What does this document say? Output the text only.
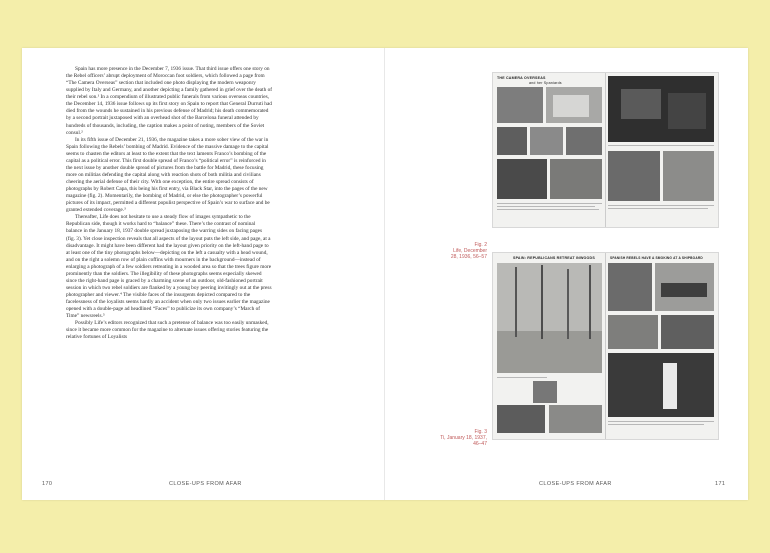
Spain has more presence in the December 7, 1936 issue. That third issue offers one story on the Rebel officers’ abrupt deployment of Moroccan foot soldiers, which followed a page from “The Camera Overseas” section that included one photo displaying the modern weaponry supplied by Italy and Germany, and another depicting a family gathered in grief over the death of their rebel son.¹ In a compendium of illustrated public funerals from various overseas countries, the December 14, 1936 issue follows up its first story on Spain to report that General Durruti had died from the wounds he sustained in his previous defense of Madrid; his death commemorated by a second portrait juxtaposed with an overhead shot of the Barcelona funeral attended by hundreds of thousands, including, the caption makes a point of noting, members of the Soviet consul.²

In its fifth issue of December 21, 1936, the magazine takes a more sober view of the war in Spain following the Rebels’ bombing of Madrid. Evidence of the massive damage to the capital seems to chasten the editors at least to the extent that the text laments Franco’s bombing of the capital as a political error. This first double spread of Franco’s “political error” is reinforced in the next issue by another double spread of pictures from the battle for Madrid, these focusing more on militias defending the capital along with reaction shots of both militia and civilians cheering the aerial defense of their city. With one exception, the entire spread consists of photographs by Robert Capa, this being his first entry, via Black Star, into the pages of the new magazine (fig. 2). Momentarily, the bombing of Madrid, or else the photographer’s powerful pictures of its impact, permitted a different populist perspective of Spain’s war to surface and be granted extended coverage.³

Thereafter, Life does not hesitate to use a steady flow of images sympathetic to the Republican side, though it works hard to “balance” these. There’s the contrast of nominal balance in the January 18, 1937 double spread juxtaposing the warring sides on facing pages (fig. 3). Yet close inspection reveals that all aspects of the layout puts the left side, and page, at a disadvantage. It might have been different had the layout given priority on the left-hand page to at least one of the tiny photographs below—depicting on the left a casualty with a head wound, and on the right a solemn row of plain coffins with mourners in the background—instead of enlarging a photograph of a few soldiers retreating in a wooded area so that the trees figure more prominently than the soldiers. The illegibility of these photographs seems especially skewed since the right-hand page is graced by a charming scene of an outdoor, old-fashioned portrait session in which two rebel soldiers are flanked by a young boy peering invitingly out at the press photographer and viewer.⁴ The visible faces of the insurgents depicted compared to the facelessness of the loyalists seems hardly an accident when only two issues earlier the magazine opened with a double-page ad headlined “Faces” to publicize its own company’s “March of Time” newsreels.⁵

Possibly Life’s editors recognized that such a pretense of balance was too easily unmasked, since it became more common for the magazine to alternate issues offering stories featuring the relative fortunes of Loyalists

170	CLOSE-UPS FROM AFAR
Fig. 2
Life, December 28, 1936, 56–57
THE CAMERA OVERSEAS
and her Spaniards
Fig. 3
Ti, January 18, 1937, 46–47
SPAIN: REPUBLICANS RETREAT INWOODS	SPANISH REBELS HAVE A SMOKING AT A SHIPBOARD
CLOSE-UPS FROM AFAR	171
